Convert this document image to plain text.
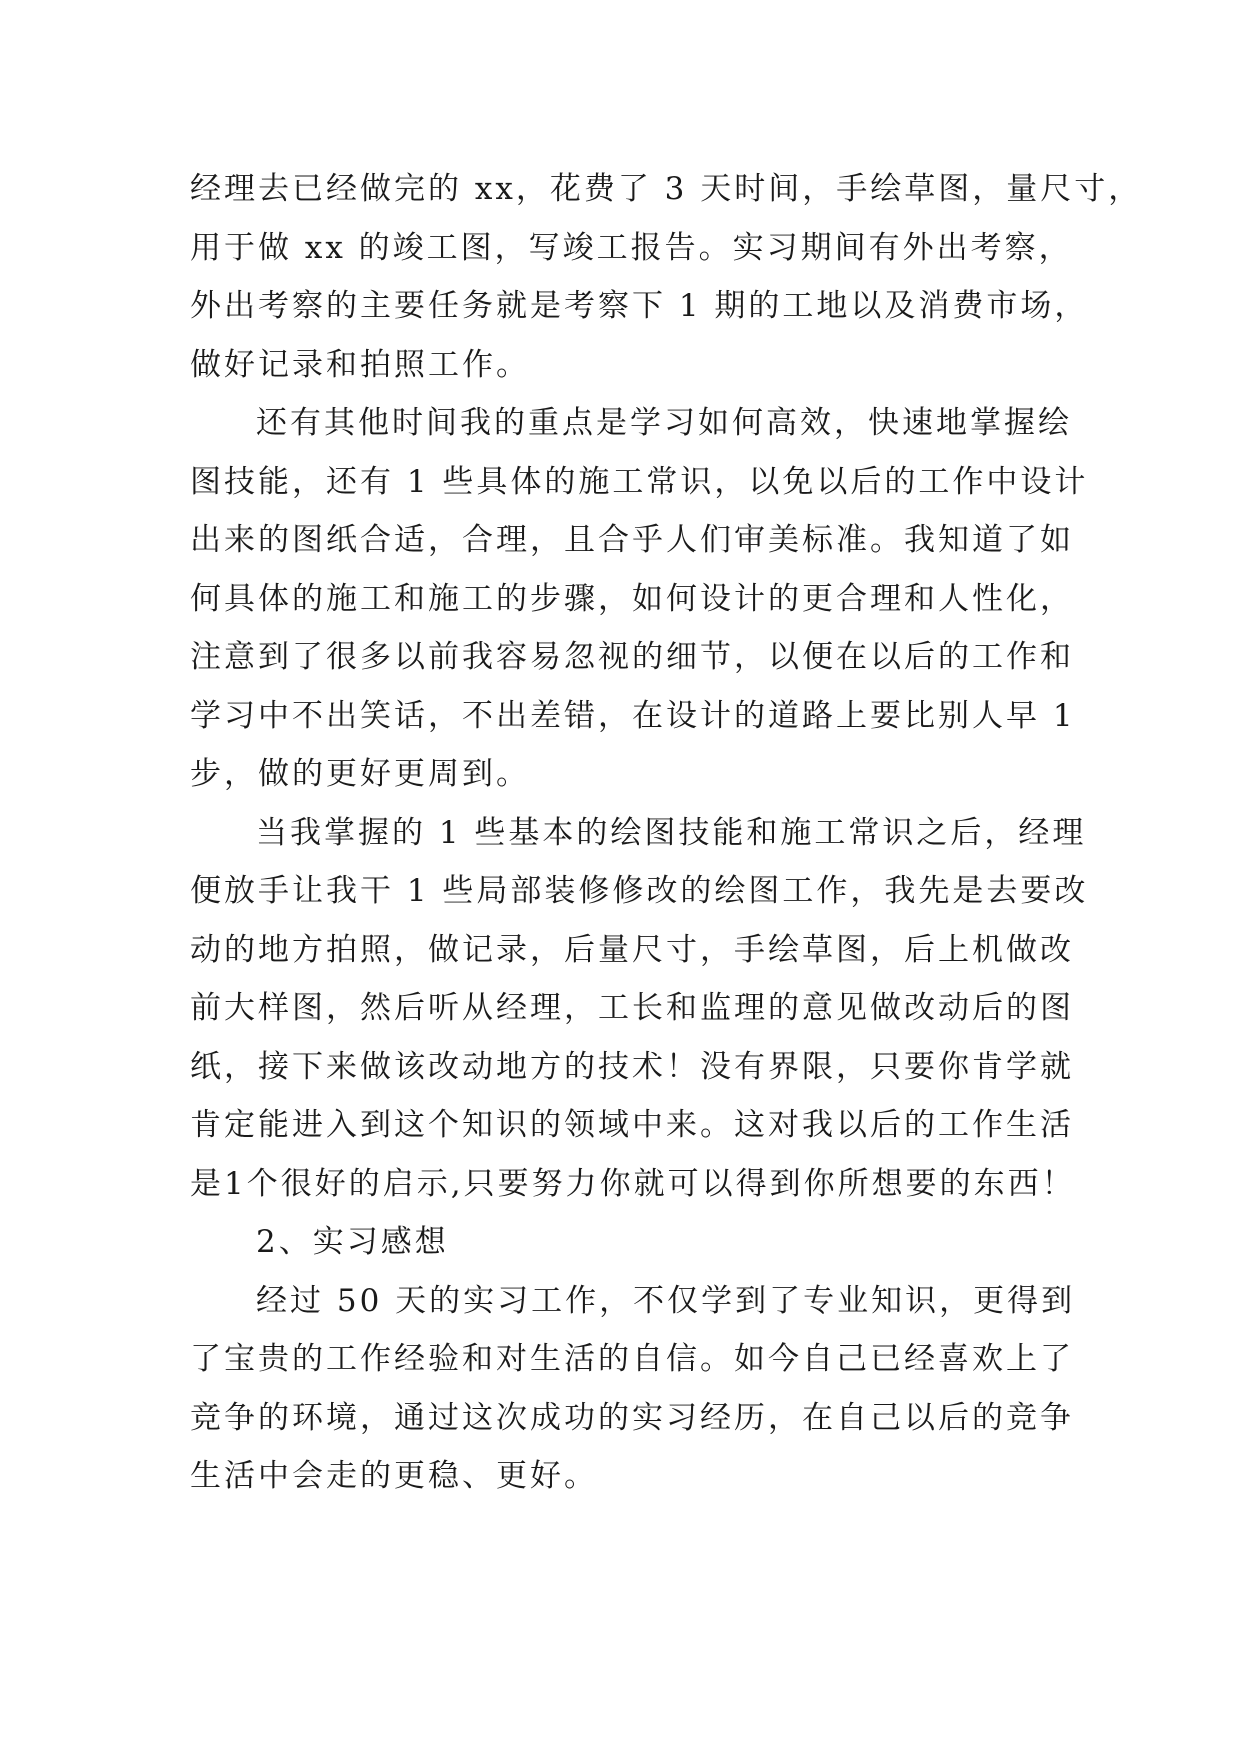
经理去已经做完的 xx，花费了 3 天时间，手绘草图，量尺寸，
用于做 xx 的竣工图，写竣工报告。实习期间有外出考察，
外出考察的主要任务就是考察下 1 期的工地以及消费市场，
做好记录和拍照工作。
还有其他时间我的重点是学习如何高效，快速地掌握绘
图技能，还有 1 些具体的施工常识，以免以后的工作中设计
出来的图纸合适，合理，且合乎人们审美标准。我知道了如
何具体的施工和施工的步骤，如何设计的更合理和人性化，
注意到了很多以前我容易忽视的细节，以便在以后的工作和
学习中不出笑话，不出差错，在设计的道路上要比别人早 1
步，做的更好更周到。
当我掌握的 1 些基本的绘图技能和施工常识之后，经理
便放手让我干 1 些局部装修修改的绘图工作，我先是去要改
动的地方拍照，做记录，后量尺寸，手绘草图，后上机做改
前大样图，然后听从经理，工长和监理的意见做改动后的图
纸，接下来做该改动地方的技术！没有界限，只要你肯学就
肯定能进入到这个知识的领域中来。这对我以后的工作生活
是1个很好的启示,只要努力你就可以得到你所想要的东西！
2、实习感想
经过 50 天的实习工作，不仅学到了专业知识，更得到
了宝贵的工作经验和对生活的自信。如今自己已经喜欢上了
竞争的环境，通过这次成功的实习经历，在自己以后的竞争
生活中会走的更稳、更好。
